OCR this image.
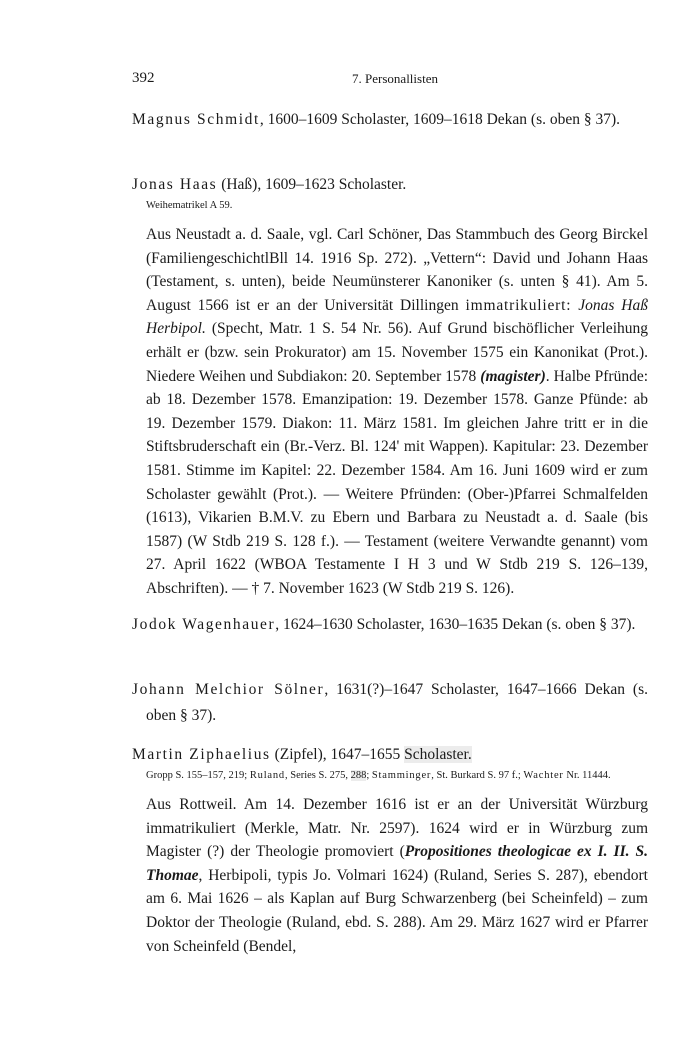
392	7. Personallisten
Magnus Schmidt, 1600–1609 Scholaster, 1609–1618 Dekan (s. oben § 37).
Jonas Haas (Haß), 1609–1623 Scholaster.
Weihematrikel A 59.
Aus Neustadt a. d. Saale, vgl. Carl Schöner, Das Stammbuch des Georg Birckel (FamiliengeschichtlBll 14. 1916 Sp. 272). „Vettern“: David und Johann Haas (Testament, s. unten), beide Neumünsterer Kanoniker (s. unten § 41). Am 5. August 1566 ist er an der Universität Dillingen immatrikuliert: Jonas Haß Herbipol. (Specht, Matr. 1 S. 54 Nr. 56). Auf Grund bischöflicher Verleihung erhält er (bzw. sein Prokurator) am 15. November 1575 ein Kanonikat (Prot.). Niedere Weihen und Subdiakon: 20. September 1578 (magister). Halbe Pfründe: ab 18. Dezember 1578. Emanzipation: 19. Dezember 1578. Ganze Pfünde: ab 19. Dezember 1579. Diakon: 11. März 1581. Im gleichen Jahre tritt er in die Stiftsbruderschaft ein (Br.-Verz. Bl. 124' mit Wappen). Kapitular: 23. Dezember 1581. Stimme im Kapitel: 22. Dezember 1584. Am 16. Juni 1609 wird er zum Scholaster gewählt (Prot.). — Weitere Pfründen: (Ober-)Pfarrei Schmalfelden (1613), Vikarien B.M.V. zu Ebern und Barbara zu Neustadt a. d. Saale (bis 1587) (W Stdb 219 S. 128 f.). — Testament (weitere Verwandte genannt) vom 27. April 1622 (WBOA Testamente I H 3 und W Stdb 219 S. 126–139, Abschriften). — † 7. November 1623 (W Stdb 219 S. 126).
Jodok Wagenhauer, 1624–1630 Scholaster, 1630–1635 Dekan (s. oben § 37).
Johann Melchior Sölner, 1631(?)–1647 Scholaster, 1647–1666 Dekan (s. oben § 37).
Martin Ziphaelius (Zipfel), 1647–1655 Scholaster.
Gropp S. 155–157, 219; Ruland, Series S. 275, 288; Stamminger, St. Burkard S. 97 f.; Wachter Nr. 11444.
Aus Rottweil. Am 14. Dezember 1616 ist er an der Universität Würzburg immatrikuliert (Merkle, Matr. Nr. 2597). 1624 wird er in Würzburg zum Magister (?) der Theologie promoviert (Propositiones theologicae ex I. II. S. Thomae, Herbipoli, typis Jo. Volmari 1624) (Ruland, Series S. 287), ebendort am 6. Mai 1626 – als Kaplan auf Burg Schwarzenberg (bei Scheinfeld) – zum Doktor der Theologie (Ruland, ebd. S. 288). Am 29. März 1627 wird er Pfarrer von Scheinfeld (Bendel,
